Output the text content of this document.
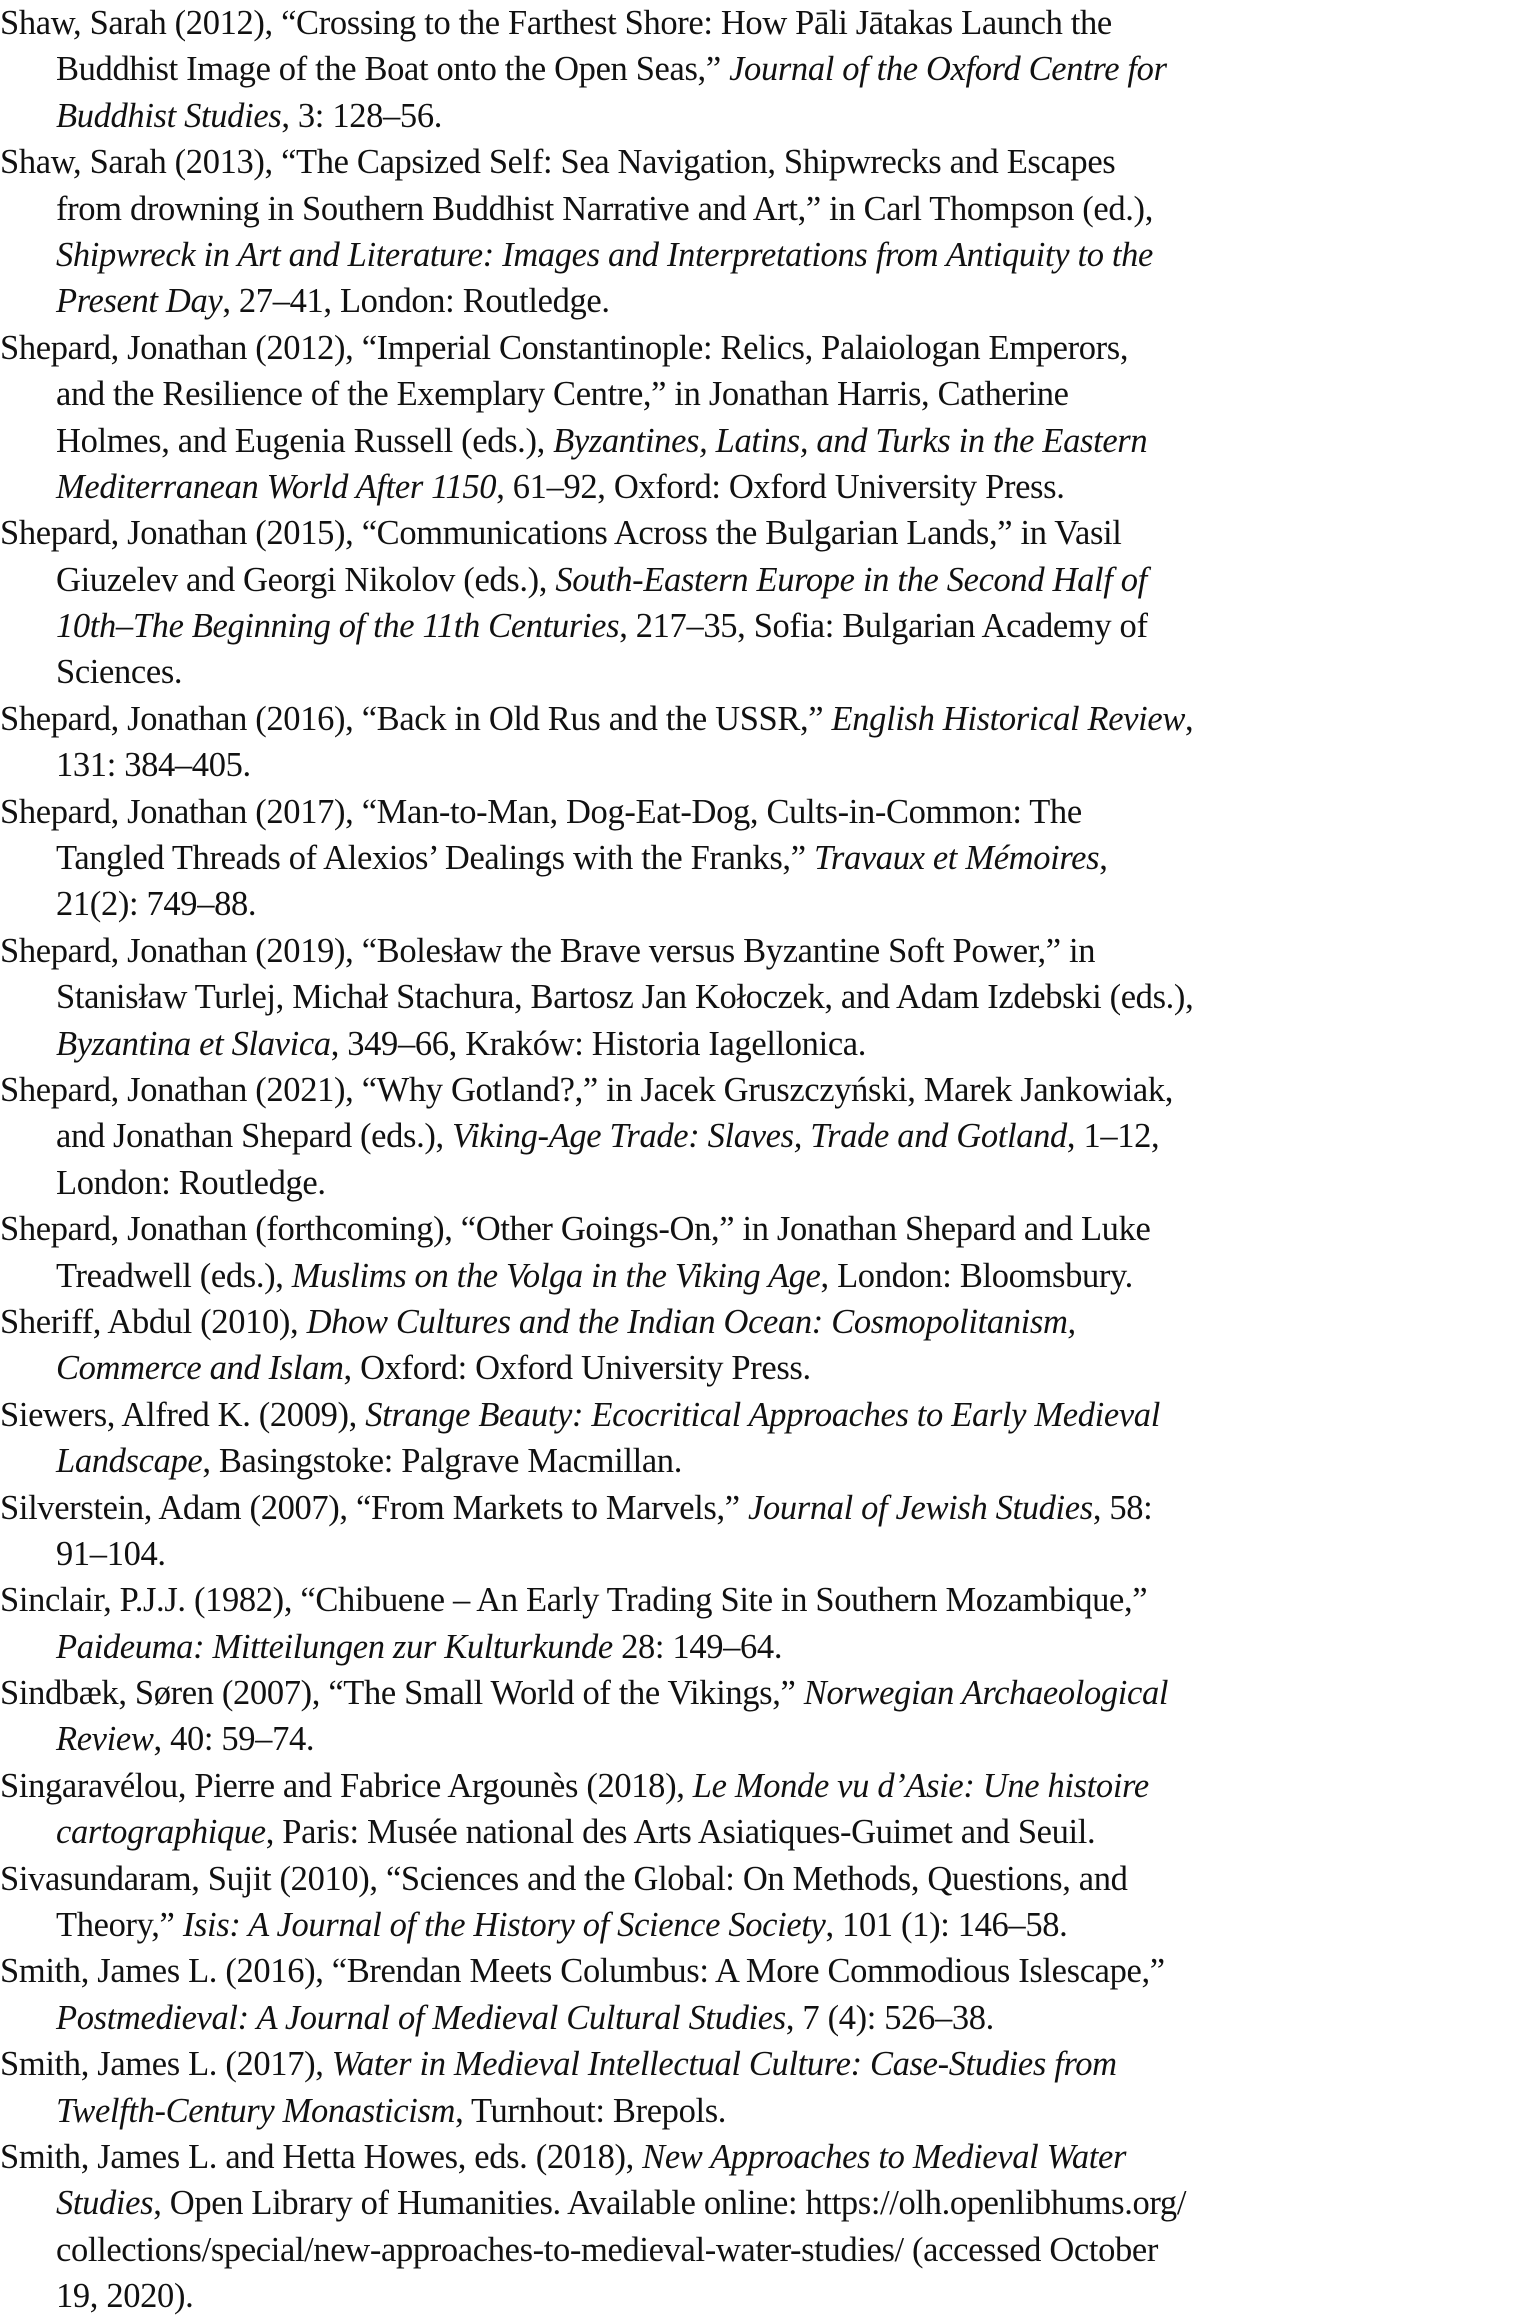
Shaw, Sarah (2012), “Crossing to the Farthest Shore: How Pāli Jātakas Launch the
Buddhist Image of the Boat onto the Open Seas,” Journal of the Oxford Centre for
Buddhist Studies, 3: 128–56.
Shaw, Sarah (2013), “The Capsized Self: Sea Navigation, Shipwrecks and Escapes
from drowning in Southern Buddhist Narrative and Art,” in Carl Thompson (ed.),
Shipwreck in Art and Literature: Images and Interpretations from Antiquity to the
Present Day, 27–41, London: Routledge.
Shepard, Jonathan (2012), “Imperial Constantinople: Relics, Palaiologan Emperors,
and the Resilience of the Exemplary Centre,” in Jonathan Harris, Catherine
Holmes, and Eugenia Russell (eds.), Byzantines, Latins, and Turks in the Eastern
Mediterranean World After 1150, 61–92, Oxford: Oxford University Press.
Shepard, Jonathan (2015), “Communications Across the Bulgarian Lands,” in Vasil
Giuzelev and Georgi Nikolov (eds.), South-Eastern Europe in the Second Half of
10th–The Beginning of the 11th Centuries, 217–35, Sofia: Bulgarian Academy of
Sciences.
Shepard, Jonathan (2016), “Back in Old Rus and the USSR,” English Historical Review,
131: 384–405.
Shepard, Jonathan (2017), “Man-to-Man, Dog-Eat-Dog, Cults-in-Common: The
Tangled Threads of Alexios’ Dealings with the Franks,” Travaux et Mémoires,
21(2): 749–88.
Shepard, Jonathan (2019), “Bolesław the Brave versus Byzantine Soft Power,” in
Stanisław Turlej, Michał Stachura, Bartosz Jan Kołoczek, and Adam Izdebski (eds.),
Byzantina et Slavica, 349–66, Kraków: Historia Iagellonica.
Shepard, Jonathan (2021), “Why Gotland?,” in Jacek Gruszczyński, Marek Jankowiak,
and Jonathan Shepard (eds.), Viking-Age Trade: Slaves, Trade and Gotland, 1–12,
London: Routledge.
Shepard, Jonathan (forthcoming), “Other Goings-On,” in Jonathan Shepard and Luke
Treadwell (eds.), Muslims on the Volga in the Viking Age, London: Bloomsbury.
Sheriff, Abdul (2010), Dhow Cultures and the Indian Ocean: Cosmopolitanism,
Commerce and Islam, Oxford: Oxford University Press.
Siewers, Alfred K. (2009), Strange Beauty: Ecocritical Approaches to Early Medieval
Landscape, Basingstoke: Palgrave Macmillan.
Silverstein, Adam (2007), “From Markets to Marvels,” Journal of Jewish Studies, 58:
91–104.
Sinclair, P.J.J. (1982), “Chibuene – An Early Trading Site in Southern Mozambique,”
Paideuma: Mitteilungen zur Kulturkunde 28: 149–64.
Sindbæk, Søren (2007), “The Small World of the Vikings,” Norwegian Archaeological
Review, 40: 59–74.
Singaravélou, Pierre and Fabrice Argounès (2018), Le Monde vu d’Asie: Une histoire
cartographique, Paris: Musée national des Arts Asiatiques-Guimet and Seuil.
Sivasundaram, Sujit (2010), “Sciences and the Global: On Methods, Questions, and
Theory,” Isis: A Journal of the History of Science Society, 101 (1): 146–58.
Smith, James L. (2016), “Brendan Meets Columbus: A More Commodious Islescape,”
Postmedieval: A Journal of Medieval Cultural Studies, 7 (4): 526–38.
Smith, James L. (2017), Water in Medieval Intellectual Culture: Case-Studies from
Twelfth-Century Monasticism, Turnhout: Brepols.
Smith, James L. and Hetta Howes, eds. (2018), New Approaches to Medieval Water
Studies, Open Library of Humanities. Available online: https://olh.openlibhums.org/
collections/special/new-approaches-to-medieval-water-studies/ (accessed October
19, 2020).
